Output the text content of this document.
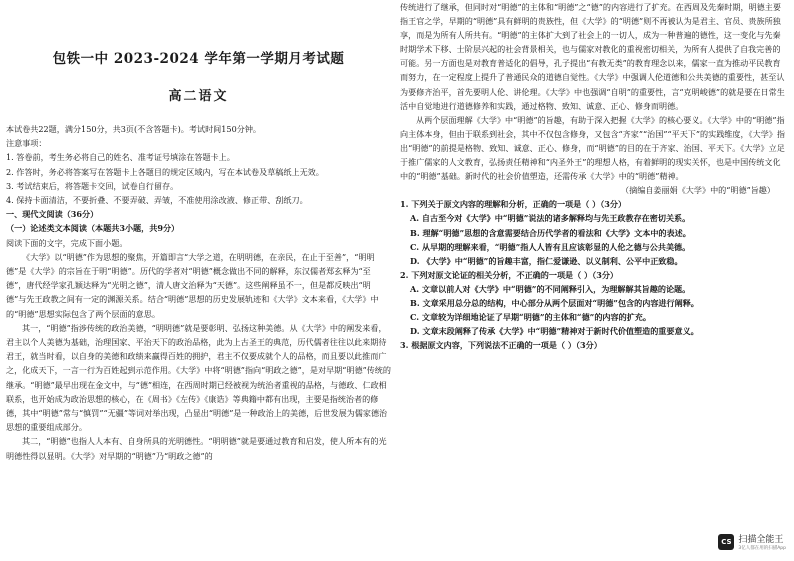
包铁一中 2023-2024 学年第一学期月考试题
高二语文

本试卷共22题，满分150分，共3页(不含答题卡)。考试时间150分钟。

注意事项：

1. 答卷前，考生务必将自己的姓名、准考证号填涂在答题卡上。

2. 作答时，务必将答案写在答题卡上各题目的规定区域内，写在本试卷及草稿纸上无效。

3. 考试结束后，将答题卡交回，试卷自行留存。

4. 保持卡面清洁，不要折叠、不要弄破、弄皱，不准使用涂改液、修正带、刮纸刀。

一、现代文阅读（36分）

（一）论述类文本阅读（本题共3小题，共9分）

阅读下面的文字，完成下面小题。

《大学》以“明德”作为思想的聚焦，开篇即言“大学之道，在明明德，在亲民，在止于至善”，“明明德”是《大学》的宗旨在于明“明德”。历代的学者对“明德”概念做出不同的解释，东汉儒者郑玄释为“至德”，唐代经学家孔颖达释为“光明之德”，清人唐文治释为“天德”。这些阐释虽不一，但是都反映出“明德”与先王政教之间有一定的渊源关系。结合“明德”思想的历史发展轨迹和《大学》文本来看，《大学》中的“明德”思想实际包含了两个层面的意思。

其一，“明德”指涉传统的政治美德，“明明德”就是要彰明、弘扬这种美德。从《大学》中的阐发来看，君主以个人美德为基础，治理国家、平治天下的政治品格，此为上古圣王的典范，历代儒者往往以此来期待君王，就当时看，以自身的美德和政绩来赢得百姓的拥护，君主不仅要成就个人的品格，而且要以此推而广之，化成天下，一言一行为百姓起到示范作用。《大学》中将“明德”指向“明政之德”，是对早期“明德”传统的继承。“明德”最早出现在金文中，与“德”相连，在西周时期已经被视为统治者重视的品格，与德政、仁政相联系，也开始成为政治思想的核心，在《周书》《左传》《康诰》等典籍中都有出现，主要是指统治者的修德，其中“明德”常与“慎罚”“无疆”等词对举出现，凸显出“明德”是一种政治上的美德，后世发展为儒家德治思想的重要组成部分。

其二，“明德”也指人人本有、自身所具的光明德性。“明明德”就是要通过教育和启发，使人所本有的光明德性得以显明。《大学》对早期的“明德”乃“明政之德”的

传统进行了继承，但同时对“明德”的主体和“明德”之“德”的内容进行了扩充。在西周及先秦时期，明德主要指王官之学，早期的“明德”具有鲜明的贵族性，但《大学》的“明德”则不再被认为是君主、官员、贵族所独享，而是为所有人所共有。“明德”的主体扩大到了社会上的一切人，成为一种普遍的德性，这一变化与先秦时期学术下移、士阶层兴起的社会背景相关，也与儒家对教化的重视密切相关，为所有人提供了自我完善的可能。另一方面也是对教育普适化的倡导，孔子提出“有教无类”的教育理念以来，儒家一直为推动平民教育而努力，在一定程度上提升了普通民众的道德自觉性。《大学》中强调人伦道德和公共美德的重要性，甚至认为要修齐治平，首先要明人伦、讲伦理。《大学》中也强调“自明”的重要性，言“克明峻德”的就是要在日常生活中自觉地进行道德修养和实践，通过格物、致知、诚意、正心、修身而明德。

从两个层面理解《大学》中“明德”的旨趣，有助于深入把握《大学》的核心要义。《大学》中的“明德”指向主体本身，但由于联系到社会，其中不仅包含修身，又包含“齐家”“治国”“平天下”的实践维度，《大学》指出“明德”的前提是格物、致知、诚意、正心、修身，而“明德”的目的在于齐家、治国、平天下。《大学》立足于推广儒家的人文教育，弘扬责任精神和“内圣外王”的理想人格，有着鲜明的现实关怀，也是中国传统文化中的“明德”基础。新时代的社会价值塑造，还需传承《大学》中的“明德”精神。

（摘编自姜丽娟《大学》中的“明德”旨趣）

1. 下列关于原文内容的理解和分析，正确的一项是（ ）（3分）

A. 自古至今对《大学》中“明德”说法的诸多解释均与先王政教存在密切关系。

B. 理解“明德”思想的含意需要结合历代学者的看法和《大学》文本中的表述。

C. 从早期的理解来看，“明德”指人人皆有且应该彰显的人伦之德与公共美德。

D. 《大学》中“明德”的旨趣丰富，指仁爱谦逊、以义制利、公平中正致稳。

2. 下列对原文论证的相关分析，不正确的一项是（ ）（3分）

A. 文章以前人对《大学》中“明德”的不同阐释引入，为理解解其旨趣的论题。

B. 文章采用总分总的结构，中心部分从两个层面对“明德”包含的内容进行阐释。

C. 文章较为详细地论证了早期“明德”的主体和“德”的内容的扩充。

D. 文章末段阐释了传承《大学》中“明德”精神对于新时代价值塑造的重要意义。

3. 根据原文内容，下列说法不正确的一项是（ ）（3分）

CS 扫描全能王
3亿人都在用的扫描App
